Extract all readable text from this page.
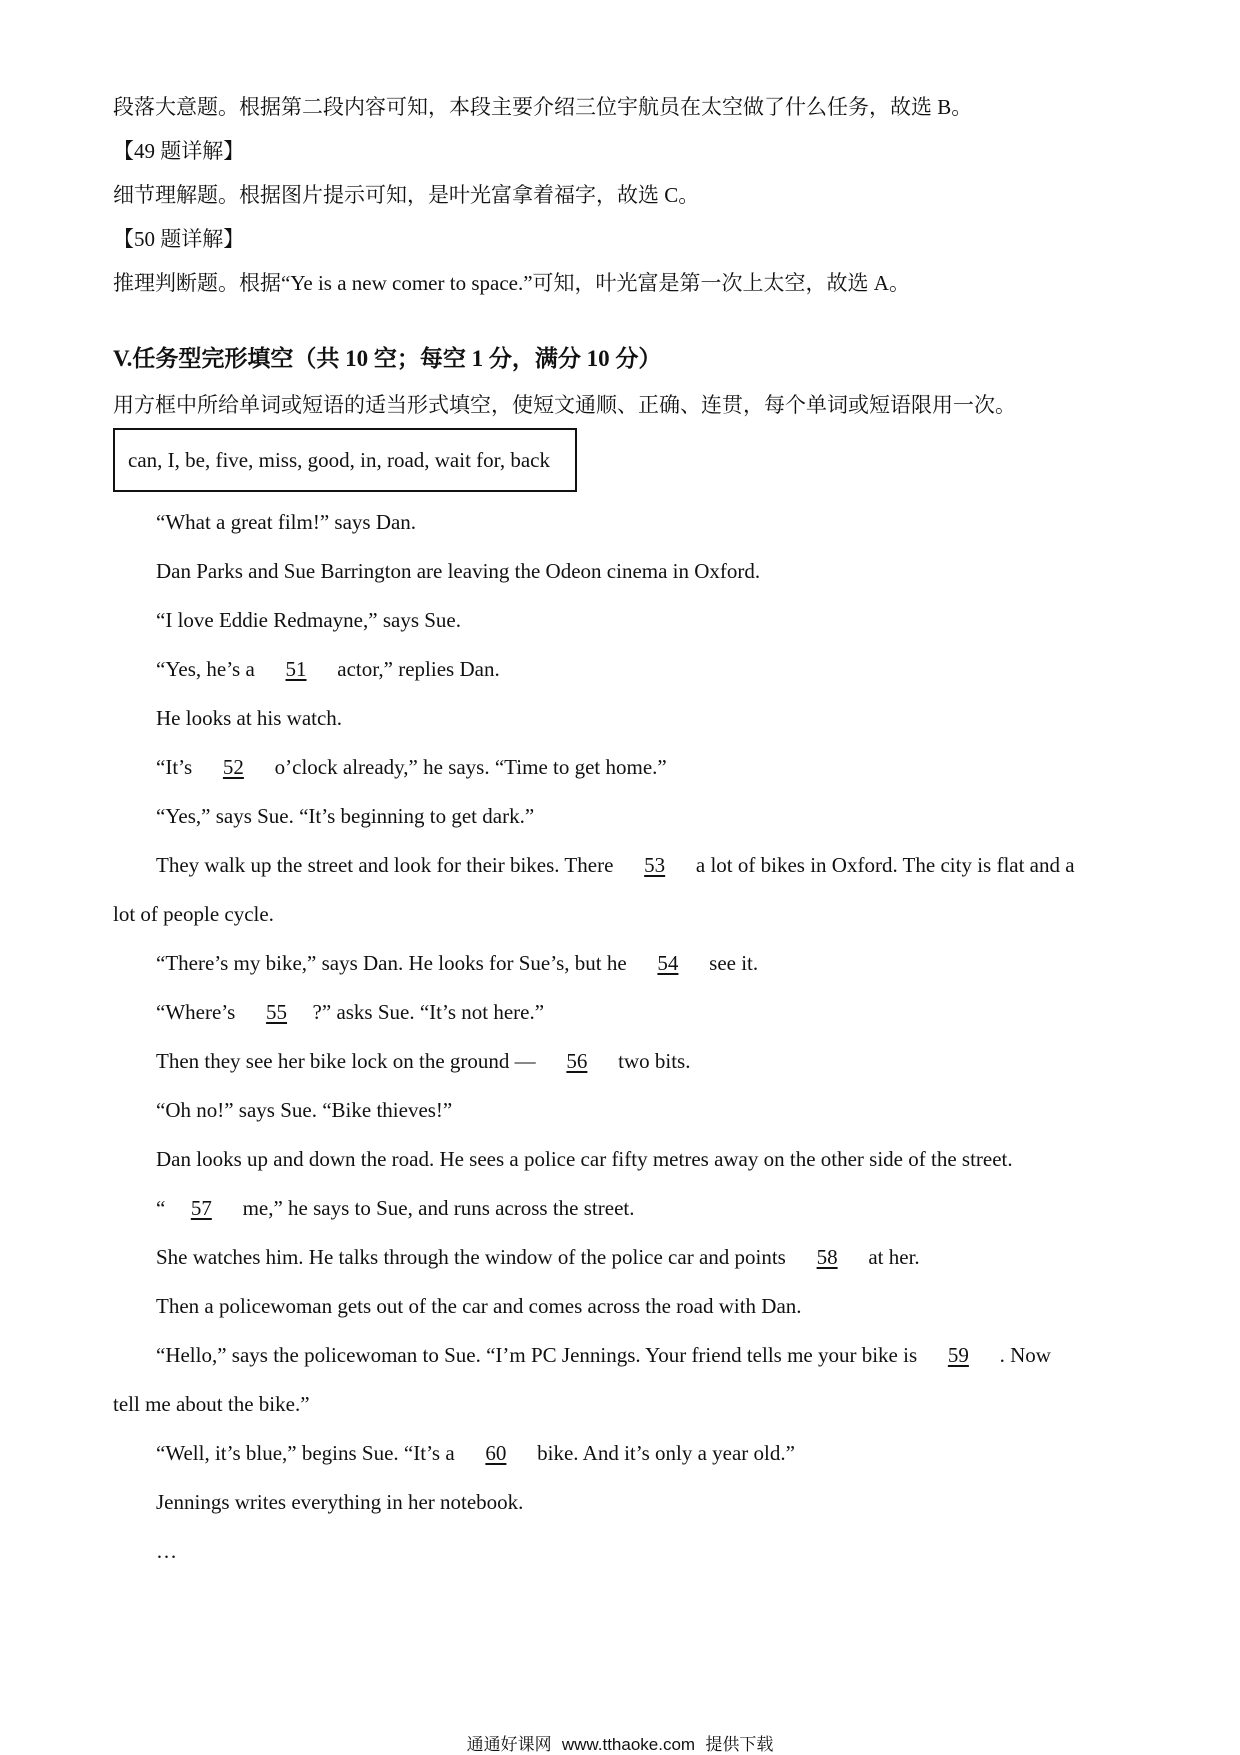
段落大意题。根据第二段内容可知，本段主要介绍三位宇航员在太空做了什么任务，故选 B。
【49 题详解】
细节理解题。根据图片提示可知，是叶光富拿着福字，故选 C。
【50 题详解】
推理判断题。根据“Ye is a new comer to space.”可知，叶光富是第一次上太空，故选 A。
V.任务型完形填空（共 10 空；每空 1 分，满分 10 分）
用方框中所给单词或短语的适当形式填空，使短文通顺、正确、连贯，每个单词或短语限用一次。
can, I, be, five, miss, good, in, road, wait for, back
“What a great film!” says Dan.
Dan Parks and Sue Barrington are leaving the Odeon cinema in Oxford.
“I love Eddie Redmayne,” says Sue.
“Yes, he’s a 51 actor,” replies Dan.
He looks at his watch.
“It’s 52 o’clock already,” he says. “Time to get home.”
“Yes,” says Sue. “It’s beginning to get dark.”
They walk up the street and look for their bikes. There 53 a lot of bikes in Oxford. The city is flat and a
lot of people cycle.
“There’s my bike,” says Dan. He looks for Sue’s, but he 54 see it.
“Where’s 55 ?” asks Sue. “It’s not here.”
Then they see her bike lock on the ground — 56 two bits.
“Oh no!” says Sue. “Bike thieves!”
Dan looks up and down the road. He sees a police car fifty metres away on the other side of the street.
“ 57 me,” he says to Sue, and runs across the street.
She watches him. He talks through the window of the police car and points 58 at her.
Then a policewoman gets out of the car and comes across the road with Dan.
“Hello,” says the policewoman to Sue. “I’m PC Jennings. Your friend tells me your bike is 59 . Now
tell me about the bike.”
“Well, it’s blue,” begins Sue. “It’s a 60 bike. And it’s only a year old.”
Jennings writes everything in her notebook.
…
通通好课网 www.tthaoke.com 提供下载
